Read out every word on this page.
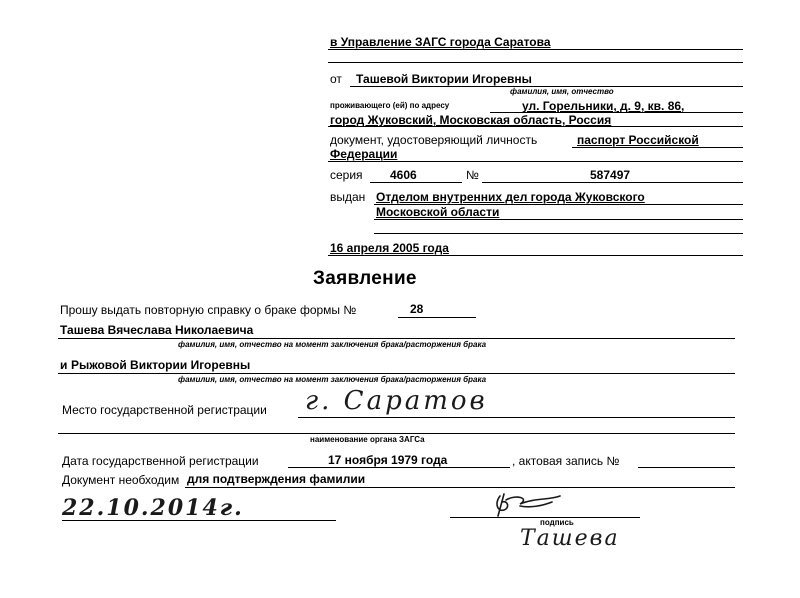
в Управление ЗАГС города Саратова
от Ташевой Виктории Игоревны
фамилия, имя, отчество
проживающего (ей) по адресу	ул. Горельники, д. 9, кв. 86,
город Жуковский, Московская область, Россия
документ, удостоверяющий личность	паспорт Российской
Федерации
серия 4606	№	587497
выдан Отделом внутренних дел города Жуковского
Московской области
16 апреля 2005 года
Заявление
Прошу выдать повторную справку о браке формы №	28
Ташева Вячеслава Николаевича
фамилия, имя, отчество на момент заключения брака/расторжения брака
и Рыжовой Виктории Игоревны
фамилия, имя, отчество на момент заключения брака/расторжения брака
Место государственной регистрации г. Саратов
наименование органа ЗАГСа
Дата государственной регистрации	17 ноября 1979 года	, актовая запись №
Документ необходим для подтверждения фамилии
22.10.2014г.
подпись
Ташева
